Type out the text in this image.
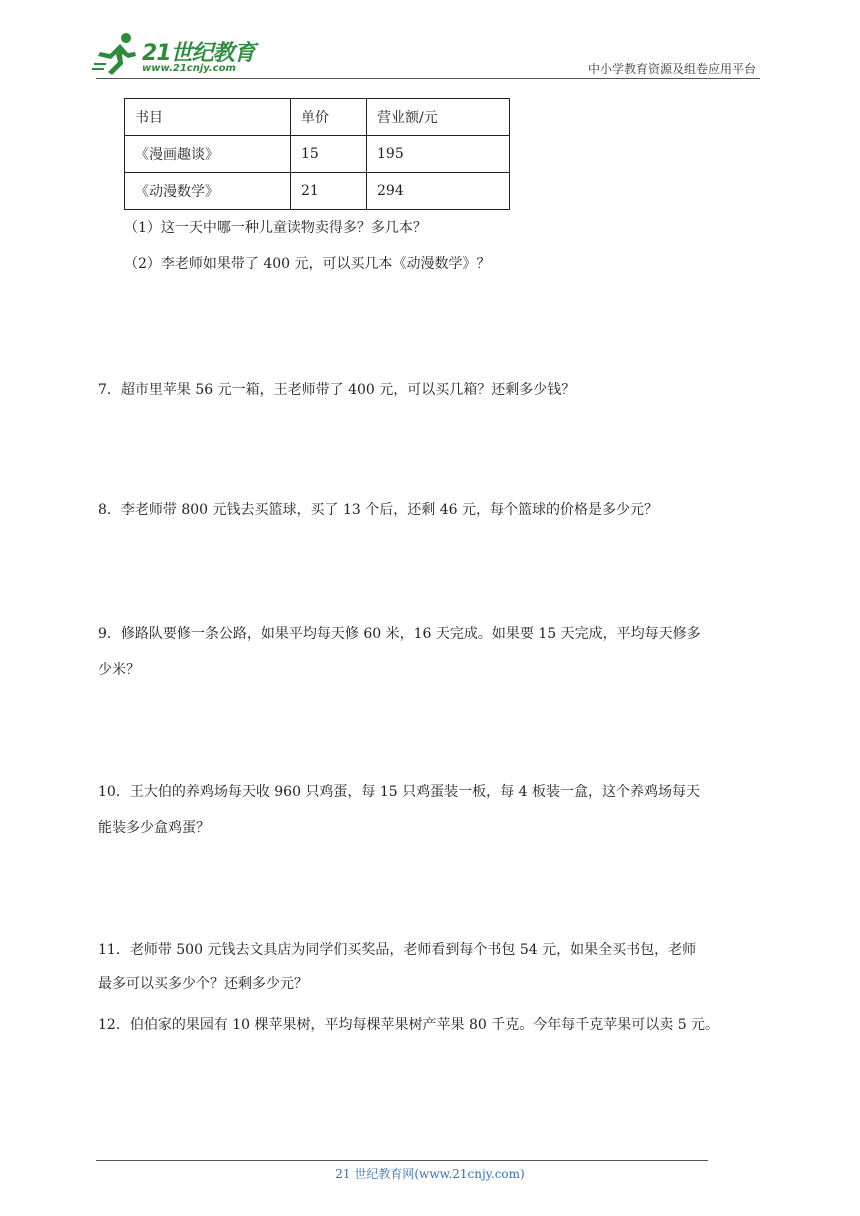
21世纪教育
www.21cnjy.com	中小学教育资源及组卷应用平台
书目	单价	营业额/元
《漫画趣谈》	15	195
《动漫数学》	21	294
（1）这一天中哪一种儿童读物卖得多？多几本？
（2）李老师如果带了 400 元，可以买几本《动漫数学》？
7．超市里苹果 56 元一箱，王老师带了 400 元，可以买几箱？还剩多少钱？
8．李老师带 800 元钱去买篮球，买了 13 个后，还剩 46 元，每个篮球的价格是多少元？
9．修路队要修一条公路，如果平均每天修 60 米，16 天完成。如果要 15 天完成，平均每天修多
少米？
10．王大伯的养鸡场每天收 960 只鸡蛋，每 15 只鸡蛋装一板，每 4 板装一盒，这个养鸡场每天
能装多少盒鸡蛋？
11．老师带 500 元钱去文具店为同学们买奖品，老师看到每个书包 54 元，如果全买书包，老师
最多可以买多少个？还剩多少元？
12．伯伯家的果园有 10 棵苹果树，平均每棵苹果树产苹果 80 千克。今年每千克苹果可以卖 5 元。
21 世纪教育网(www.21cnjy.com)
